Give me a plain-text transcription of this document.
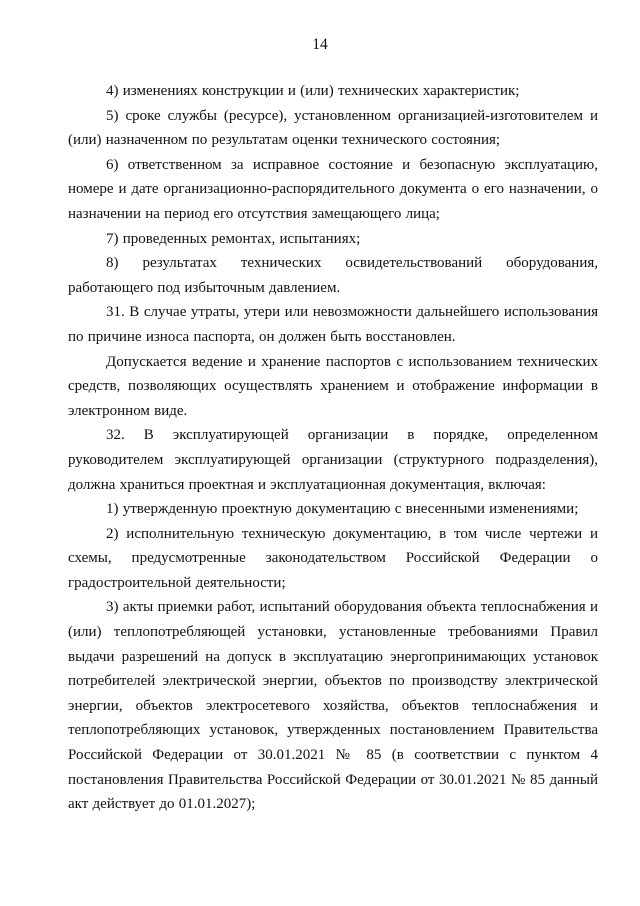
14

4) изменениях конструкции и (или) технических характеристик;

5) сроке службы (ресурсе), установленном организацией-изготовителем и (или) назначенном по результатам оценки технического состояния;

6) ответственном за исправное состояние и безопасную эксплуатацию, номере и дате организационно-распорядительного документа о его назначении, о назначении на период его отсутствия замещающего лица;

7) проведенных ремонтах, испытаниях;

8) результатах технических освидетельствований оборудования, работающего под избыточным давлением.

31. В случае утраты, утери или невозможности дальнейшего использования по причине износа паспорта, он должен быть восстановлен.

Допускается ведение и хранение паспортов с использованием технических средств, позволяющих осуществлять хранением и отображение информации в электронном виде.

32. В эксплуатирующей организации в порядке, определенном руководителем эксплуатирующей организации (структурного подразделения), должна храниться проектная и эксплуатационная документация, включая:

1) утвержденную проектную документацию с внесенными изменениями;

2) исполнительную техническую документацию, в том числе чертежи и схемы, предусмотренные законодательством Российской Федерации о градостроительной деятельности;

3) акты приемки работ, испытаний оборудования объекта теплоснабжения и (или) теплопотребляющей установки, установленные требованиями Правил выдачи разрешений на допуск в эксплуатацию энергопринимающих установок потребителей электрической энергии, объектов по производству электрической энергии, объектов электросетевого хозяйства, объектов теплоснабжения и теплопотребляющих установок, утвержденных постановлением Правительства Российской Федерации от 30.01.2021 № 85 (в соответствии с пунктом 4 постановления Правительства Российской Федерации от 30.01.2021 № 85 данный акт действует до 01.01.2027);
